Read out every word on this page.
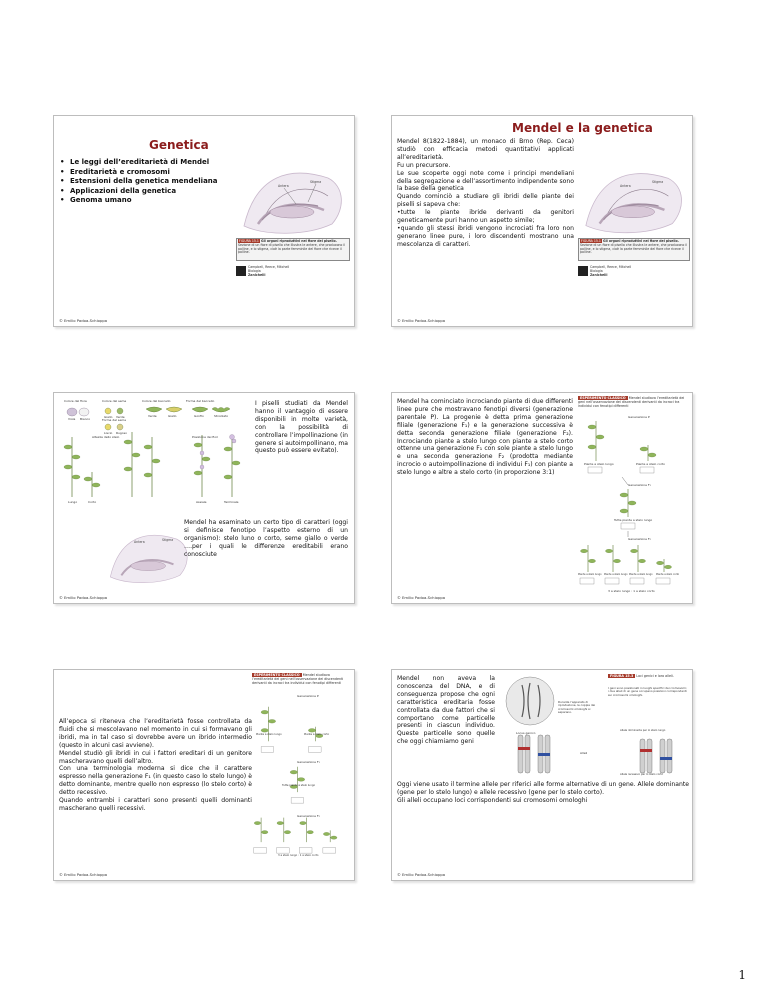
Genetica
• Le leggi dell’ereditarietà di Mendel
• Ereditarietà e cromosomi
• Estensioni della genetica mendeliana
• Applicazioni della genetica
• Genoma umano
Antera
Stigma
FIGURA 15.1 Gli organi riproduttivi nel fiore del pisello.
Sezione di un fiore di pisello che illustra le antere, che producono il polline, e lo stigma, cioè la parte femminile del fiore che riceve il polline.
Campbell, Reece, Mitchell
Biologia
Zanichelli
© Emilio Padoa-Schioppa
Mendel e la genetica

Mendel 8(1822-1884), un monaco di Brno (Rep. Ceca) studiò con efficacia metodi quantitativi applicati all’ereditarietà.

Fu un precursore.

Le sue scoperte oggi note come i principi mendeliani della segregazione e dell’assortimento indipendente sono la base della genetica

Quando cominciò a studiare gli ibridi delle piante dei piselli si sapeva che:

•tutte le piante ibride derivanti da genitori geneticamente puri hanno un aspetto simile;

•quando gli stessi ibridi vengono incrociati fra loro non generano linee pure, i loro discendenti mostrano una mescolanza di caratteri.

Antera
Stigma
FIGURA 15.1 Gli organi riproduttivi nel fiore del pisello.
Sezione di un fiore di pisello che illustra le antere, che producono il polline, e lo stigma, cioè la parte femminile del fiore che riceve il polline.
Campbell, Reece, Mitchell
Biologia
Zanichelli
© Emilio Padoa-Schioppa
Colore del fiore	Colore del seme	Colore del baccello	Forma del baccello
Forma del seme
Altezza dello stelo	Posizione dei fiori
Viola Bianco	Giallo Verde	Verde	Giallo	Gonfio	Strozzato
Liscio Rugoso
Lungo	Corto	Assiale	Terminale
I piselli studiati da Mendel hanno il vantaggio di essere disponibili in molte varietà, con la possibilità di controllare l’impollinazione (in genere si autoimpollinano, ma questo può essere evitato).
Antera	Stigma
Mendel ha esaminato un certo tipo di caratteri (oggi si definisce fenotipo l’aspetto esterno di un organismo): stelo luno o corto, seme giallo o verde ….per i quali le differenze ereditabili erano conosciute
© Emilio Padoa-Schioppa
Mendel ha cominciato incrociando piante di due differenti linee pure che mostravano fenotipi diversi (generazione parentale P). La progenie è detta prima generazione filiale (generazione F₁) e la generazione successiva è detta seconda generazione filiale (generazione F₂). Incrociando piante a stelo lungo con piante a stelo corto ottenne una generazione F₁ con sole piante a stelo lungo e una seconda generazione F₂ (prodotta mediante incrocio o autoimpollinazione di individui F₁) con piante a stelo lungo e altre a stelo corto (in proporzione 3:1)
ESPERIMENTO CLASSICO Mendel studiava l’ereditarietà dei geni nell’osservazione dei discendenti derivanti da incroci tra individui con fenotipi differenti
Generazione P
Generazione F₁
Generazione F₂
Piante a stelo lungo	Piante a stelo corto
Tutte piante a stelo lungo
Piante a stelo lungo Piante a stelo lungo Piante a stelo lungo Piante a stelo corto
3 a stelo lungo : 1 a stelo corto
© Emilio Padoa-Schioppa

All’epoca si riteneva che l’ereditarietà fosse controllata da fluidi che si mescolavano nel momento in cui si formavano gli ibridi, ma in tal caso si dovrebbe avere un ibrido intermedio (questo in alcuni casi avviene).

Mendel studiò gli ibridi in cui i fattori ereditari di un genitore mascheravano quelli dell’altro.

Con una terminologia moderna si dice che il carattere espresso nella generazione F₁ (in questo caso lo stelo lungo) è detto dominante, mentre quello non espresso (lo stelo corto) è detto recessivo.

Quando entrambi i caratteri sono presenti quelli dominanti mascherano quelli recessivi.

ESPERIMENTO CLASSICO Mendel studiava l’ereditarietà dei geni nell’osservazione dei discendenti derivanti da incroci tra individui con fenotipi differenti
Generazione P
Generazione F₁
Generazione F₂
Piante a stelo lungo	Piante a stelo corto
Tutte piante a stelo lungo
3 a stelo lungo : 1 a stelo corto
© Emilio Padoa-Schioppa
Mendel non aveva la conoscenza del DNA, e di conseguenza propose che ogni caratteristica ereditaria fosse controllata da due fattori che si comportano come particelle presenti in ciascun individuo. Queste particelle sono quelle che oggi chiamiamo geni
FIGURA 15.3 Loci genici e loro alleli.
I geni sono posizionati in luoghi specifici dei cromosomi; i due alleli di un gene occupano posizioni corrispondenti sui cromosomi omologhi.
Durante l’apparato di riproduzione, le coppie dei cromosomi omologhi si separano.
Locus genico
Alleli
Allele dominante per lo stelo lungo
Allele recessivo per lo stelo corto

Oggi viene usato il termine allele per riferici alle forme alternative di un gene. Allele dominante (gene per lo stelo lungo) e allele recessivo (gene per lo stelo corto).

Gli alleli occupano loci corrispondenti sui cromosomi omologhi

© Emilio Padoa-Schioppa
1
